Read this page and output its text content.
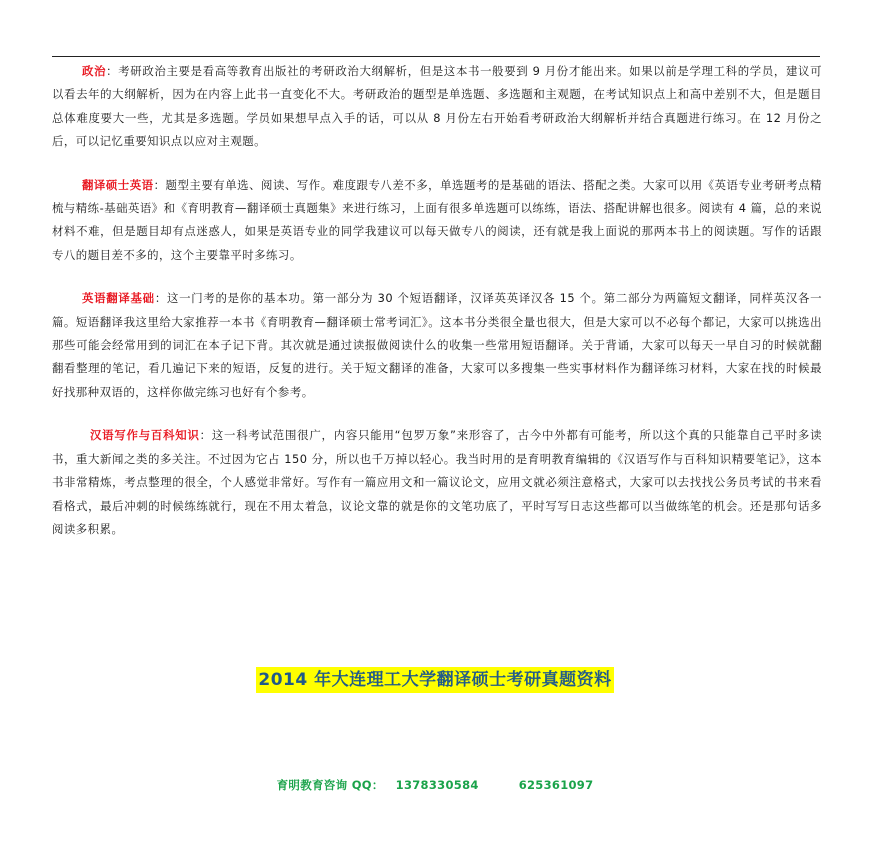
政治：考研政治主要是看高等教育出版社的考研政治大纲解析，但是这本书一般要到 9 月份才能出来。如果以前是学理工科的学员，建议可以看去年的大纲解析，因为在内容上此书一直变化不大。考研政治的题型是单选题、多选题和主观题，在考试知识点上和高中差别不大，但是题目总体难度要大一些，尤其是多选题。学员如果想早点入手的话，可以从 8 月份左右开始看考研政治大纲解析并结合真题进行练习。在 12 月份之后，可以记忆重要知识点以应对主观题。

翻译硕士英语：题型主要有单选、阅读、写作。难度跟专八差不多，单选题考的是基础的语法、搭配之类。大家可以用《英语专业考研考点精梳与精练-基础英语》和《育明教育—翻译硕士真题集》来进行练习，上面有很多单选题可以练练，语法、搭配讲解也很多。阅读有 4 篇，总的来说材料不难，但是题目却有点迷惑人，如果是英语专业的同学我建议可以每天做专八的阅读，还有就是我上面说的那两本书上的阅读题。写作的话跟专八的题目差不多的，这个主要靠平时多练习。

英语翻译基础：这一门考的是你的基本功。第一部分为 30 个短语翻译，汉译英英译汉各 15 个。第二部分为两篇短文翻译，同样英汉各一篇。短语翻译我这里给大家推荐一本书《育明教育—翻译硕士常考词汇》。这本书分类很全量也很大，但是大家可以不必每个都记，大家可以挑选出那些可能会经常用到的词汇在本子记下背。其次就是通过读报做阅读什么的收集一些常用短语翻译。关于背诵，大家可以每天一早自习的时候就翻翻看整理的笔记，看几遍记下来的短语，反复的进行。关于短文翻译的准备，大家可以多搜集一些实事材料作为翻译练习材料，大家在找的时候最好找那种双语的，这样你做完练习也好有个参考。

汉语写作与百科知识：这一科考试范围很广，内容只能用“包罗万象”来形容了，古今中外都有可能考，所以这个真的只能靠自己平时多读书，重大新闻之类的多关注。不过因为它占 150 分，所以也千万掉以轻心。我当时用的是育明教育编辑的《汉语写作与百科知识精要笔记》，这本书非常精炼，考点整理的很全，个人感觉非常好。写作有一篇应用文和一篇议论文，应用文就必须注意格式，大家可以去找找公务员考试的书来看看格式，最后冲刺的时候练练就行，现在不用太着急，议论文靠的就是你的文笔功底了，平时写写日志这些都可以当做练笔的机会。还是那句话多阅读多积累。

2014 年大连理工大学翻译硕士考研真题资料
育明教育咨询 QQ： 1378330584	625361097
